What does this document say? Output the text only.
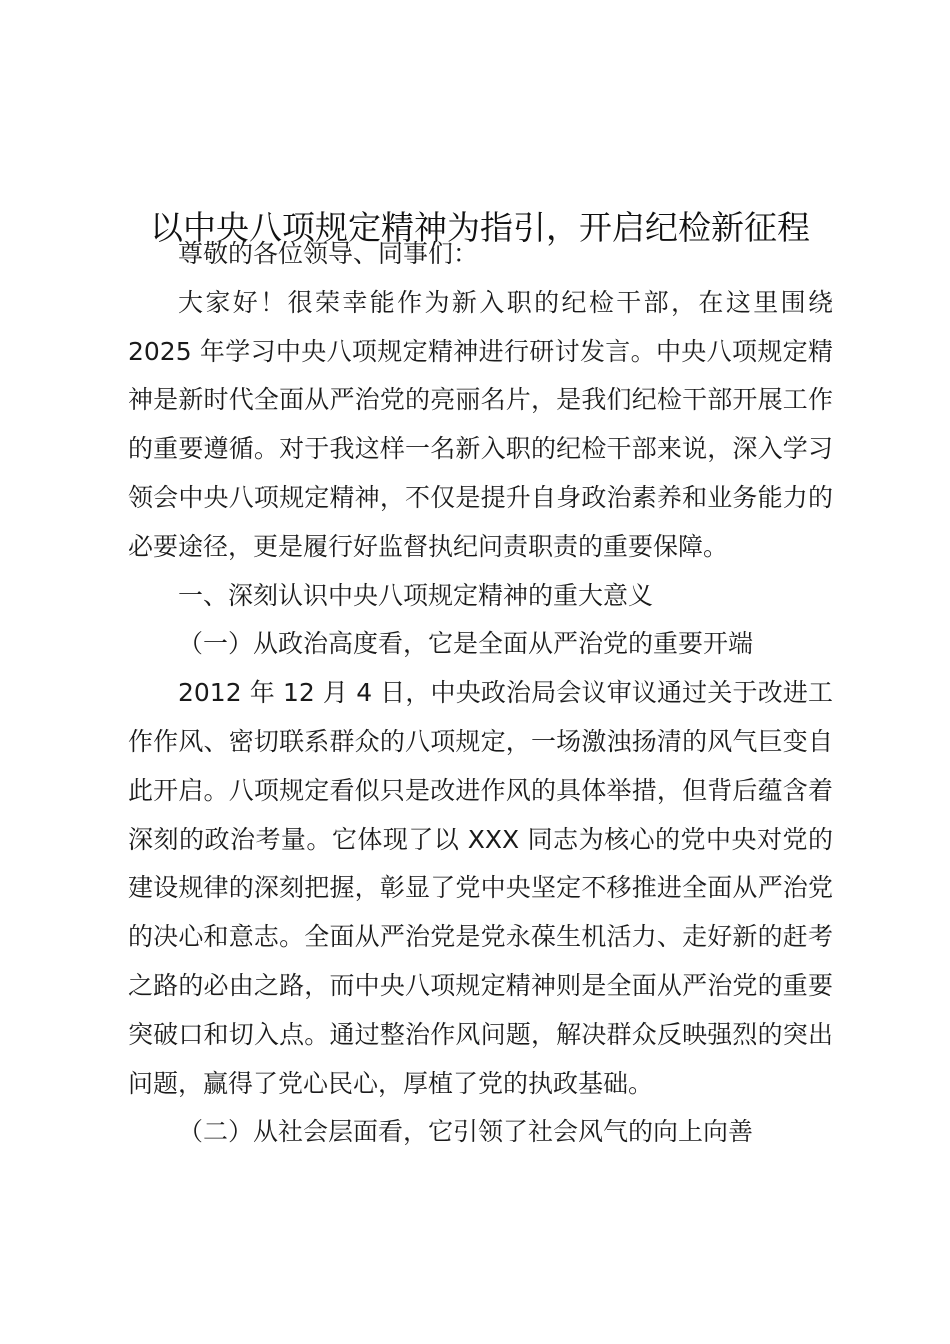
以中央八项规定精神为指引，开启纪检新征程

尊敬的各位领导、同事们：

大家好！很荣幸能作为新入职的纪检干部，在这里围绕 2025 年学习中央八项规定精神进行研讨发言。中央八项规定精神是新时代全面从严治党的亮丽名片，是我们纪检干部开展工作的重要遵循。对于我这样一名新入职的纪检干部来说，深入学习领会中央八项规定精神，不仅是提升自身政治素养和业务能力的必要途径，更是履行好监督执纪问责职责的重要保障。

一、深刻认识中央八项规定精神的重大意义

（一）从政治高度看，它是全面从严治党的重要开端

2012 年 12 月 4 日，中央政治局会议审议通过关于改进工作作风、密切联系群众的八项规定，一场激浊扬清的风气巨变自此开启。八项规定看似只是改进作风的具体举措，但背后蕴含着深刻的政治考量。它体现了以 XXX 同志为核心的党中央对党的建设规律的深刻把握，彰显了党中央坚定不移推进全面从严治党的决心和意志。全面从严治党是党永葆生机活力、走好新的赶考之路的必由之路，而中央八项规定精神则是全面从严治党的重要突破口和切入点。通过整治作风问题，解决群众反映强烈的突出问题，赢得了党心民心，厚植了党的执政基础。

（二）从社会层面看，它引领了社会风气的向上向善
